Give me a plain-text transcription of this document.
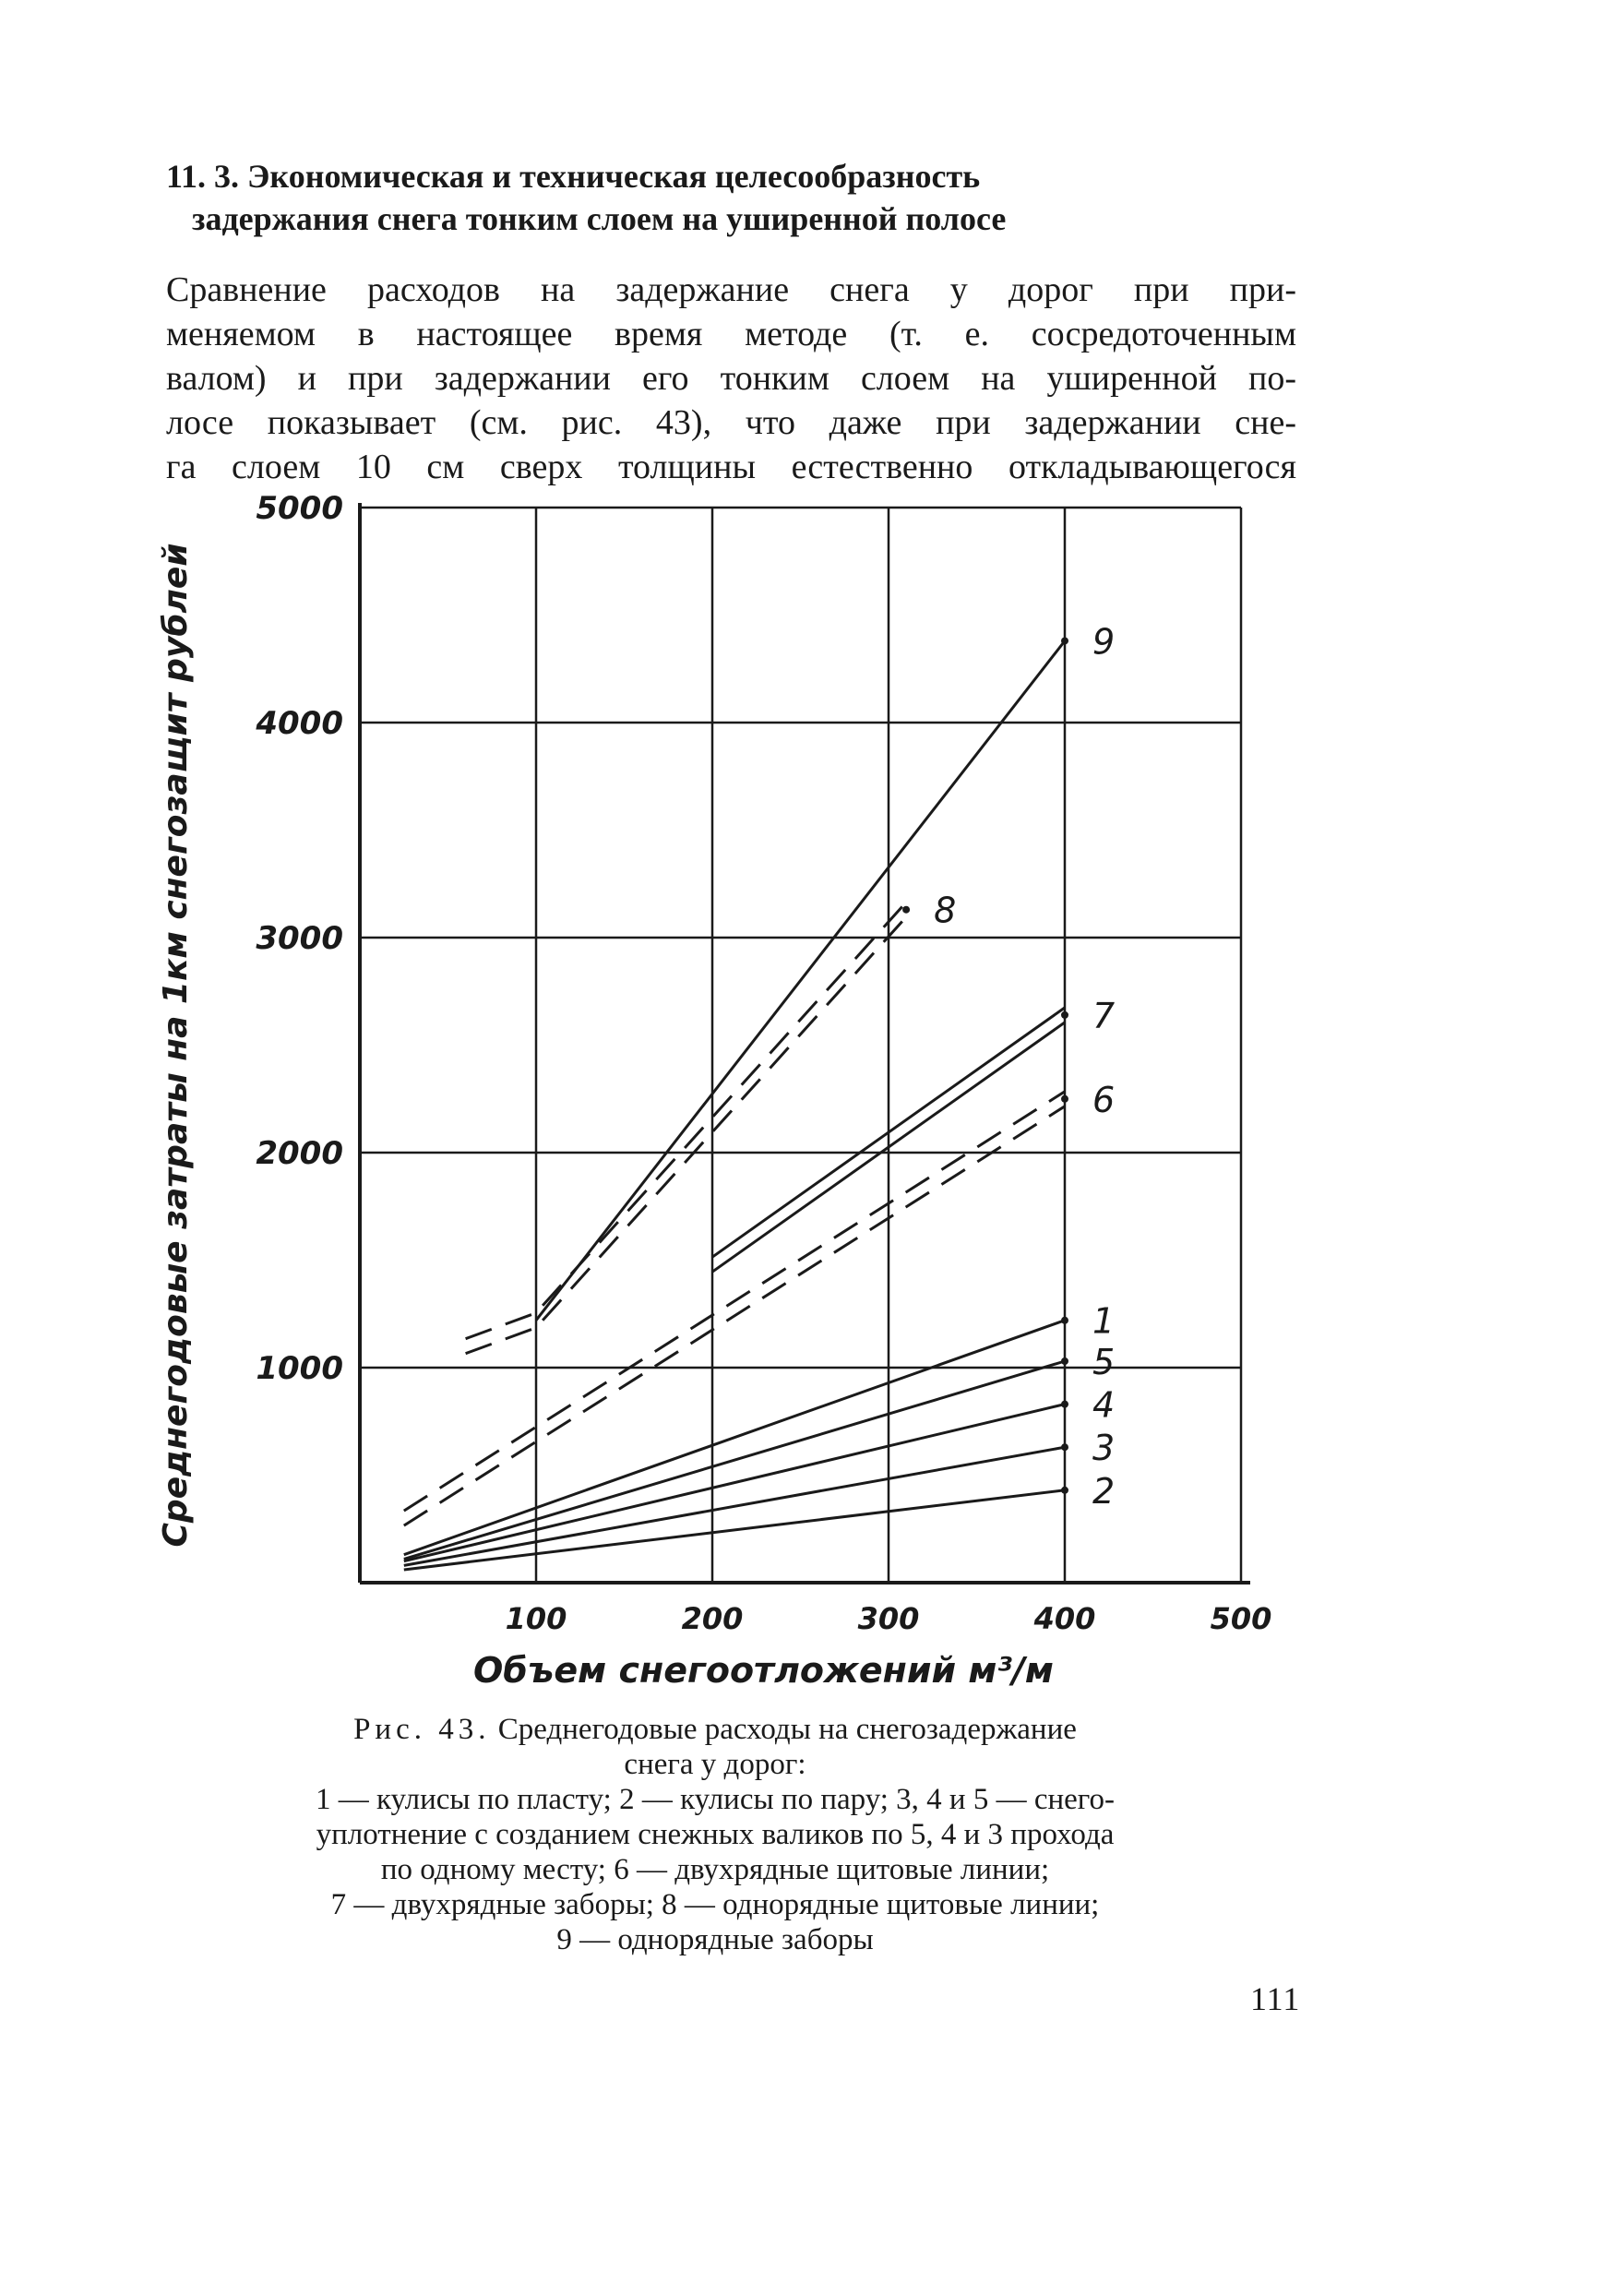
11. 3. Экономическая и техническая целесообразность
задержания снега тонким слоем на уширенной полосе
Сравнение расходов на задержание снега у дорог при при-
меняемом в настоящее время методе (т. е. сосредоточенным
валом) и при задержании его тонким слоем на уширенной по-
лосе показывает (см. рис. 43), что даже при задержании сне-
га слоем 10 см сверх толщины естественно откладывающегося
100	200	300	400	500
1000
2000
3000
4000
5000
Объем снегоотложений м³/м
Среднегодовые затраты на 1км снегозащит рублей	1
2
3
4
5
6
7
8
9
Рис. 43. Среднегодовые расходы на снегозадержание
снега у дорог:
1 — кулисы по пласту; 2 — кулисы по пару; 3, 4 и 5 — снего-
уплотнение с созданием снежных валиков по 5, 4 и 3 прохода
по одному месту; 6 — двухрядные щитовые линии;
7 — двухрядные заборы; 8 — однорядные щитовые линии;
9 — однорядные заборы
111
